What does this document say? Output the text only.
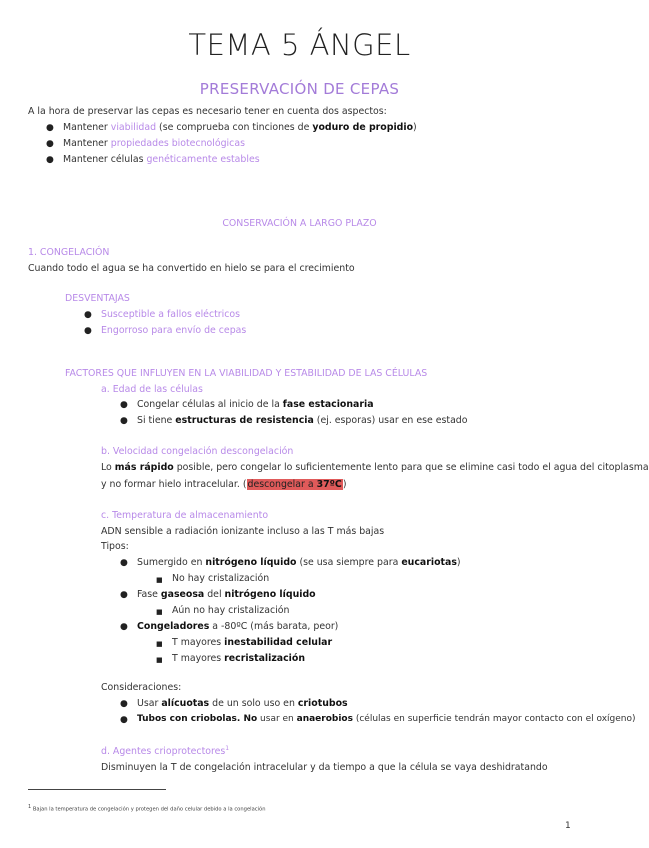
TEMA 5 ÁNGEL
PRESERVACIÓN DE CEPAS
A la hora de preservar las cepas es necesario tener en cuenta dos aspectos:
● Mantener viabilidad (se comprueba con tinciones de yoduro de propidio)
● Mantener propiedades biotecnológicas
● Mantener células genéticamente estables
CONSERVACIÓN A LARGO PLAZO
1. CONGELACIÓN
Cuando todo el agua se ha convertido en hielo se para el crecimiento
DESVENTAJAS
● Susceptible a fallos eléctricos
● Engorroso para envío de cepas
FACTORES QUE INFLUYEN EN LA VIABILIDAD Y ESTABILIDAD DE LAS CÉLULAS
a. Edad de las células
● Congelar células al inicio de la fase estacionaria
● Si tiene estructuras de resistencia (ej. esporas) usar en ese estado
b. Velocidad congelación descongelación
Lo más rápido posible, pero congelar lo suficientemente lento para que se elimine casi todo el agua del citoplasma
y no formar hielo intracelular. (descongelar a 37ºC)
c. Temperatura de almacenamiento
ADN sensible a radiación ionizante incluso a las T más bajas
Tipos:
● Sumergido en nitrógeno líquido (se usa siempre para eucariotas)
■ No hay cristalización
● Fase gaseosa del nitrógeno líquido
■ Aún no hay cristalización
● Congeladores a -80ºC (más barata, peor)
■ T mayores inestabilidad celular
■ T mayores recristalización
Consideraciones:
● Usar alícuotas de un solo uso en criotubos
● Tubos con criobolas. No usar en anaerobios (células en superficie tendrán mayor contacto con el oxígeno)
d. Agentes crioprotectores$^1$
Disminuyen la T de congelación intracelular y da tiempo a que la célula se vaya deshidratando
$^1$ Bajan la temperatura de congelación y protegen del daño celular debido a la congelación
1
